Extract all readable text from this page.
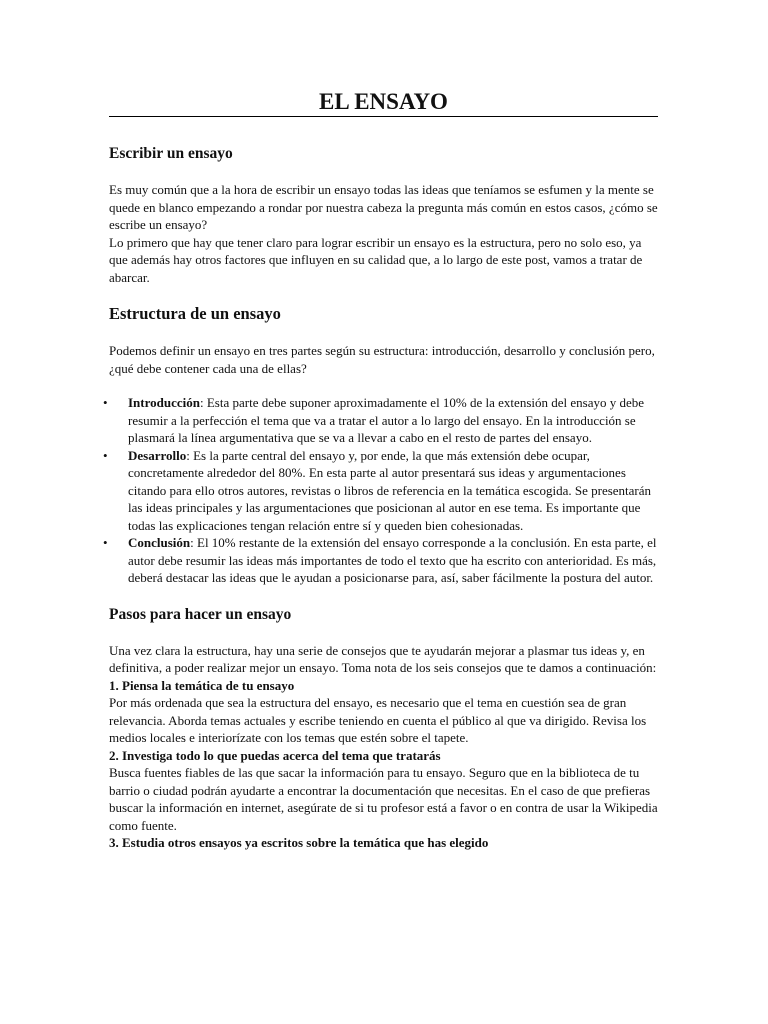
EL ENSAYO
Escribir un ensayo

Es muy común que a la hora de escribir un ensayo todas las ideas que teníamos se esfumen y la mente se quede en blanco empezando a rondar por nuestra cabeza la pregunta más común en estos casos, ¿cómo se escribe un ensayo?

Lo primero que hay que tener claro para lograr escribir un ensayo es la estructura, pero no solo eso, ya que además hay otros factores que influyen en su calidad que, a lo largo de este post, vamos a tratar de abarcar.

Estructura de un ensayo

Podemos definir un ensayo en tres partes según su estructura: introducción, desarrollo y conclusión pero, ¿qué debe contener cada una de ellas?

• Introducción: Esta parte debe suponer aproximadamente el 10% de la extensión del ensayo y debe resumir a la perfección el tema que va a tratar el autor a lo largo del ensayo. En la introducción se plasmará la línea argumentativa que se va a llevar a cabo en el resto de partes del ensayo.
• Desarrollo: Es la parte central del ensayo y, por ende, la que más extensión debe ocupar, concretamente alrededor del 80%. En esta parte al autor presentará sus ideas y argumentaciones citando para ello otros autores, revistas o libros de referencia en la temática escogida. Se presentarán las ideas principales y las argumentaciones que posicionan al autor en ese tema. Es importante que todas las explicaciones tengan relación entre sí y queden bien cohesionadas.
• Conclusión: El 10% restante de la extensión del ensayo corresponde a la conclusión. En esta parte, el autor debe resumir las ideas más importantes de todo el texto que ha escrito con anterioridad. Es más, deberá destacar las ideas que le ayudan a posicionarse para, así, saber fácilmente la postura del autor.
Pasos para hacer un ensayo

Una vez clara la estructura, hay una serie de consejos que te ayudarán mejorar a plasmar tus ideas y, en definitiva, a poder realizar mejor un ensayo. Toma nota de los seis consejos que te damos a continuación:

1. Piensa la temática de tu ensayo

Por más ordenada que sea la estructura del ensayo, es necesario que el tema en cuestión sea de gran relevancia. Aborda temas actuales y escribe teniendo en cuenta el público al que va dirigido. Revisa los medios locales e interiorízate con los temas que estén sobre el tapete.

2. Investiga todo lo que puedas acerca del tema que tratarás

Busca fuentes fiables de las que sacar la información para tu ensayo. Seguro que en la biblioteca de tu barrio o ciudad podrán ayudarte a encontrar la documentación que necesitas. En el caso de que prefieras buscar la información en internet, asegúrate de si tu profesor está a favor o en contra de usar la Wikipedia como fuente.

3. Estudia otros ensayos ya escritos sobre la temática que has elegido
